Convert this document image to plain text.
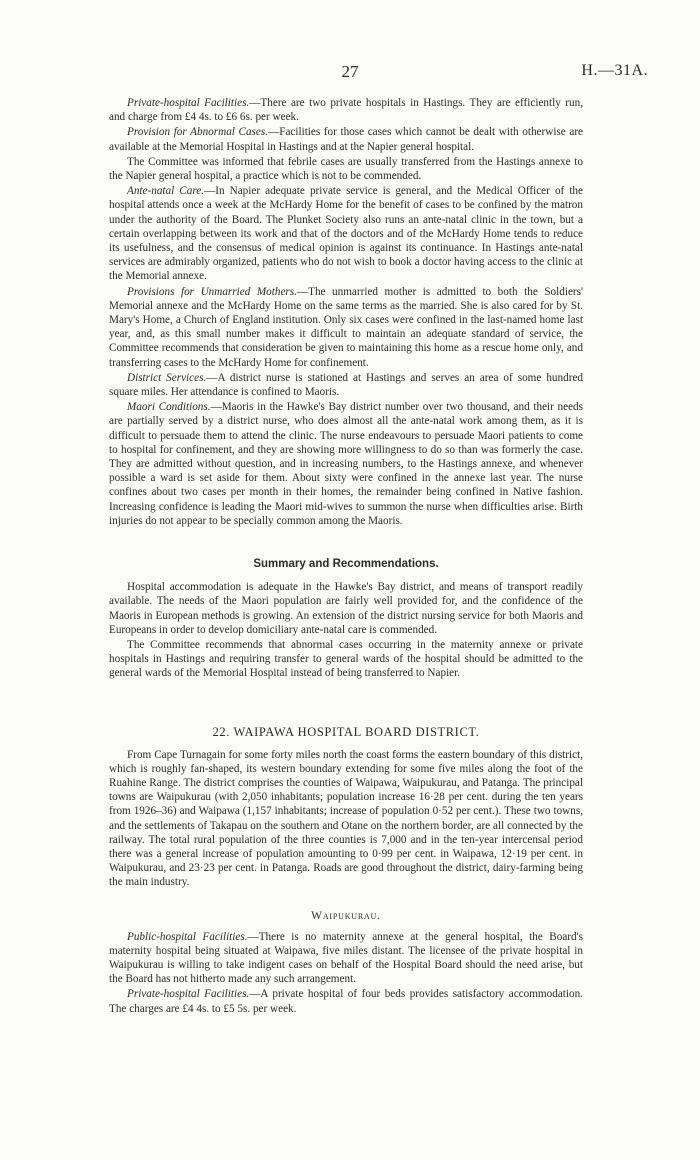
27	H.—31A.

Private-hospital Facilities.—There are two private hospitals in Hastings. They are efficiently run, and charge from £4 4s. to £6 6s. per week.

Provision for Abnormal Cases.—Facilities for those cases which cannot be dealt with otherwise are available at the Memorial Hospital in Hastings and at the Napier general hospital.

The Committee was informed that febrile cases are usually transferred from the Hastings annexe to the Napier general hospital, a practice which is not to be commended.

Ante-natal Care.—In Napier adequate private service is general, and the Medical Officer of the hospital attends once a week at the McHardy Home for the benefit of cases to be confined by the matron under the authority of the Board. The Plunket Society also runs an ante-natal clinic in the town, but a certain overlapping between its work and that of the doctors and of the McHardy Home tends to reduce its usefulness, and the consensus of medical opinion is against its continuance. In Hastings ante-natal services are admirably organized, patients who do not wish to book a doctor having access to the clinic at the Memorial annexe.

Provisions for Unmarried Mothers.—The unmarried mother is admitted to both the Soldiers' Memorial annexe and the McHardy Home on the same terms as the married. She is also cared for by St. Mary's Home, a Church of England institution. Only six cases were confined in the last-named home last year, and, as this small number makes it difficult to maintain an adequate standard of service, the Committee recommends that consideration be given to maintaining this home as a rescue home only, and transferring cases to the McHardy Home for confinement.

District Services.—A district nurse is stationed at Hastings and serves an area of some hundred square miles. Her attendance is confined to Maoris.

Maori Conditions.—Maoris in the Hawke's Bay district number over two thousand, and their needs are partially served by a district nurse, who does almost all the ante-natal work among them, as it is difficult to persuade them to attend the clinic. The nurse endeavours to persuade Maori patients to come to hospital for confinement, and they are showing more willingness to do so than was formerly the case. They are admitted without question, and in increasing numbers, to the Hastings annexe, and whenever possible a ward is set aside for them. About sixty were confined in the annexe last year. The nurse confines about two cases per month in their homes, the remainder being confined in Native fashion. Increasing confidence is leading the Maori mid-wives to summon the nurse when difficulties arise. Birth injuries do not appear to be specially common among the Maoris.

Summary and Recommendations.

Hospital accommodation is adequate in the Hawke's Bay district, and means of transport readily available. The needs of the Maori population are fairly well provided for, and the confidence of the Maoris in European methods is growing. An extension of the district nursing service for both Maoris and Europeans in order to develop domiciliary ante-natal care is commended.

The Committee recommends that abnormal cases occurring in the maternity annexe or private hospitals in Hastings and requiring transfer to general wards of the hospital should be admitted to the general wards of the Memorial Hospital instead of being transferred to Napier.

22. WAIPAWA HOSPITAL BOARD DISTRICT.

From Cape Turnagain for some forty miles north the coast forms the eastern boundary of this district, which is roughly fan-shaped, its western boundary extending for some five miles along the foot of the Ruahine Range. The district comprises the counties of Waipawa, Waipukurau, and Patanga. The principal towns are Waipukurau (with 2,050 inhabitants; population increase 16·28 per cent. during the ten years from 1926–36) and Waipawa (1,157 inhabitants; increase of population 0·52 per cent.). These two towns, and the settlements of Takapau on the southern and Otane on the northern border, are all connected by the railway. The total rural population of the three counties is 7,000 and in the ten-year intercensal period there was a general increase of population amounting to 0·99 per cent. in Waipawa, 12·19 per cent. in Waipukurau, and 23·23 per cent. in Patanga. Roads are good throughout the district, dairy-farming being the main industry.

Waipukurau.

Public-hospital Facilities.—There is no maternity annexe at the general hospital, the Board's maternity hospital being situated at Waipawa, five miles distant. The licensee of the private hospital in Waipukurau is willing to take indigent cases on behalf of the Hospital Board should the need arise, but the Board has not hitherto made any such arrangement.

Private-hospital Facilities.—A private hospital of four beds provides satisfactory accommodation. The charges are £4 4s. to £5 5s. per week.
